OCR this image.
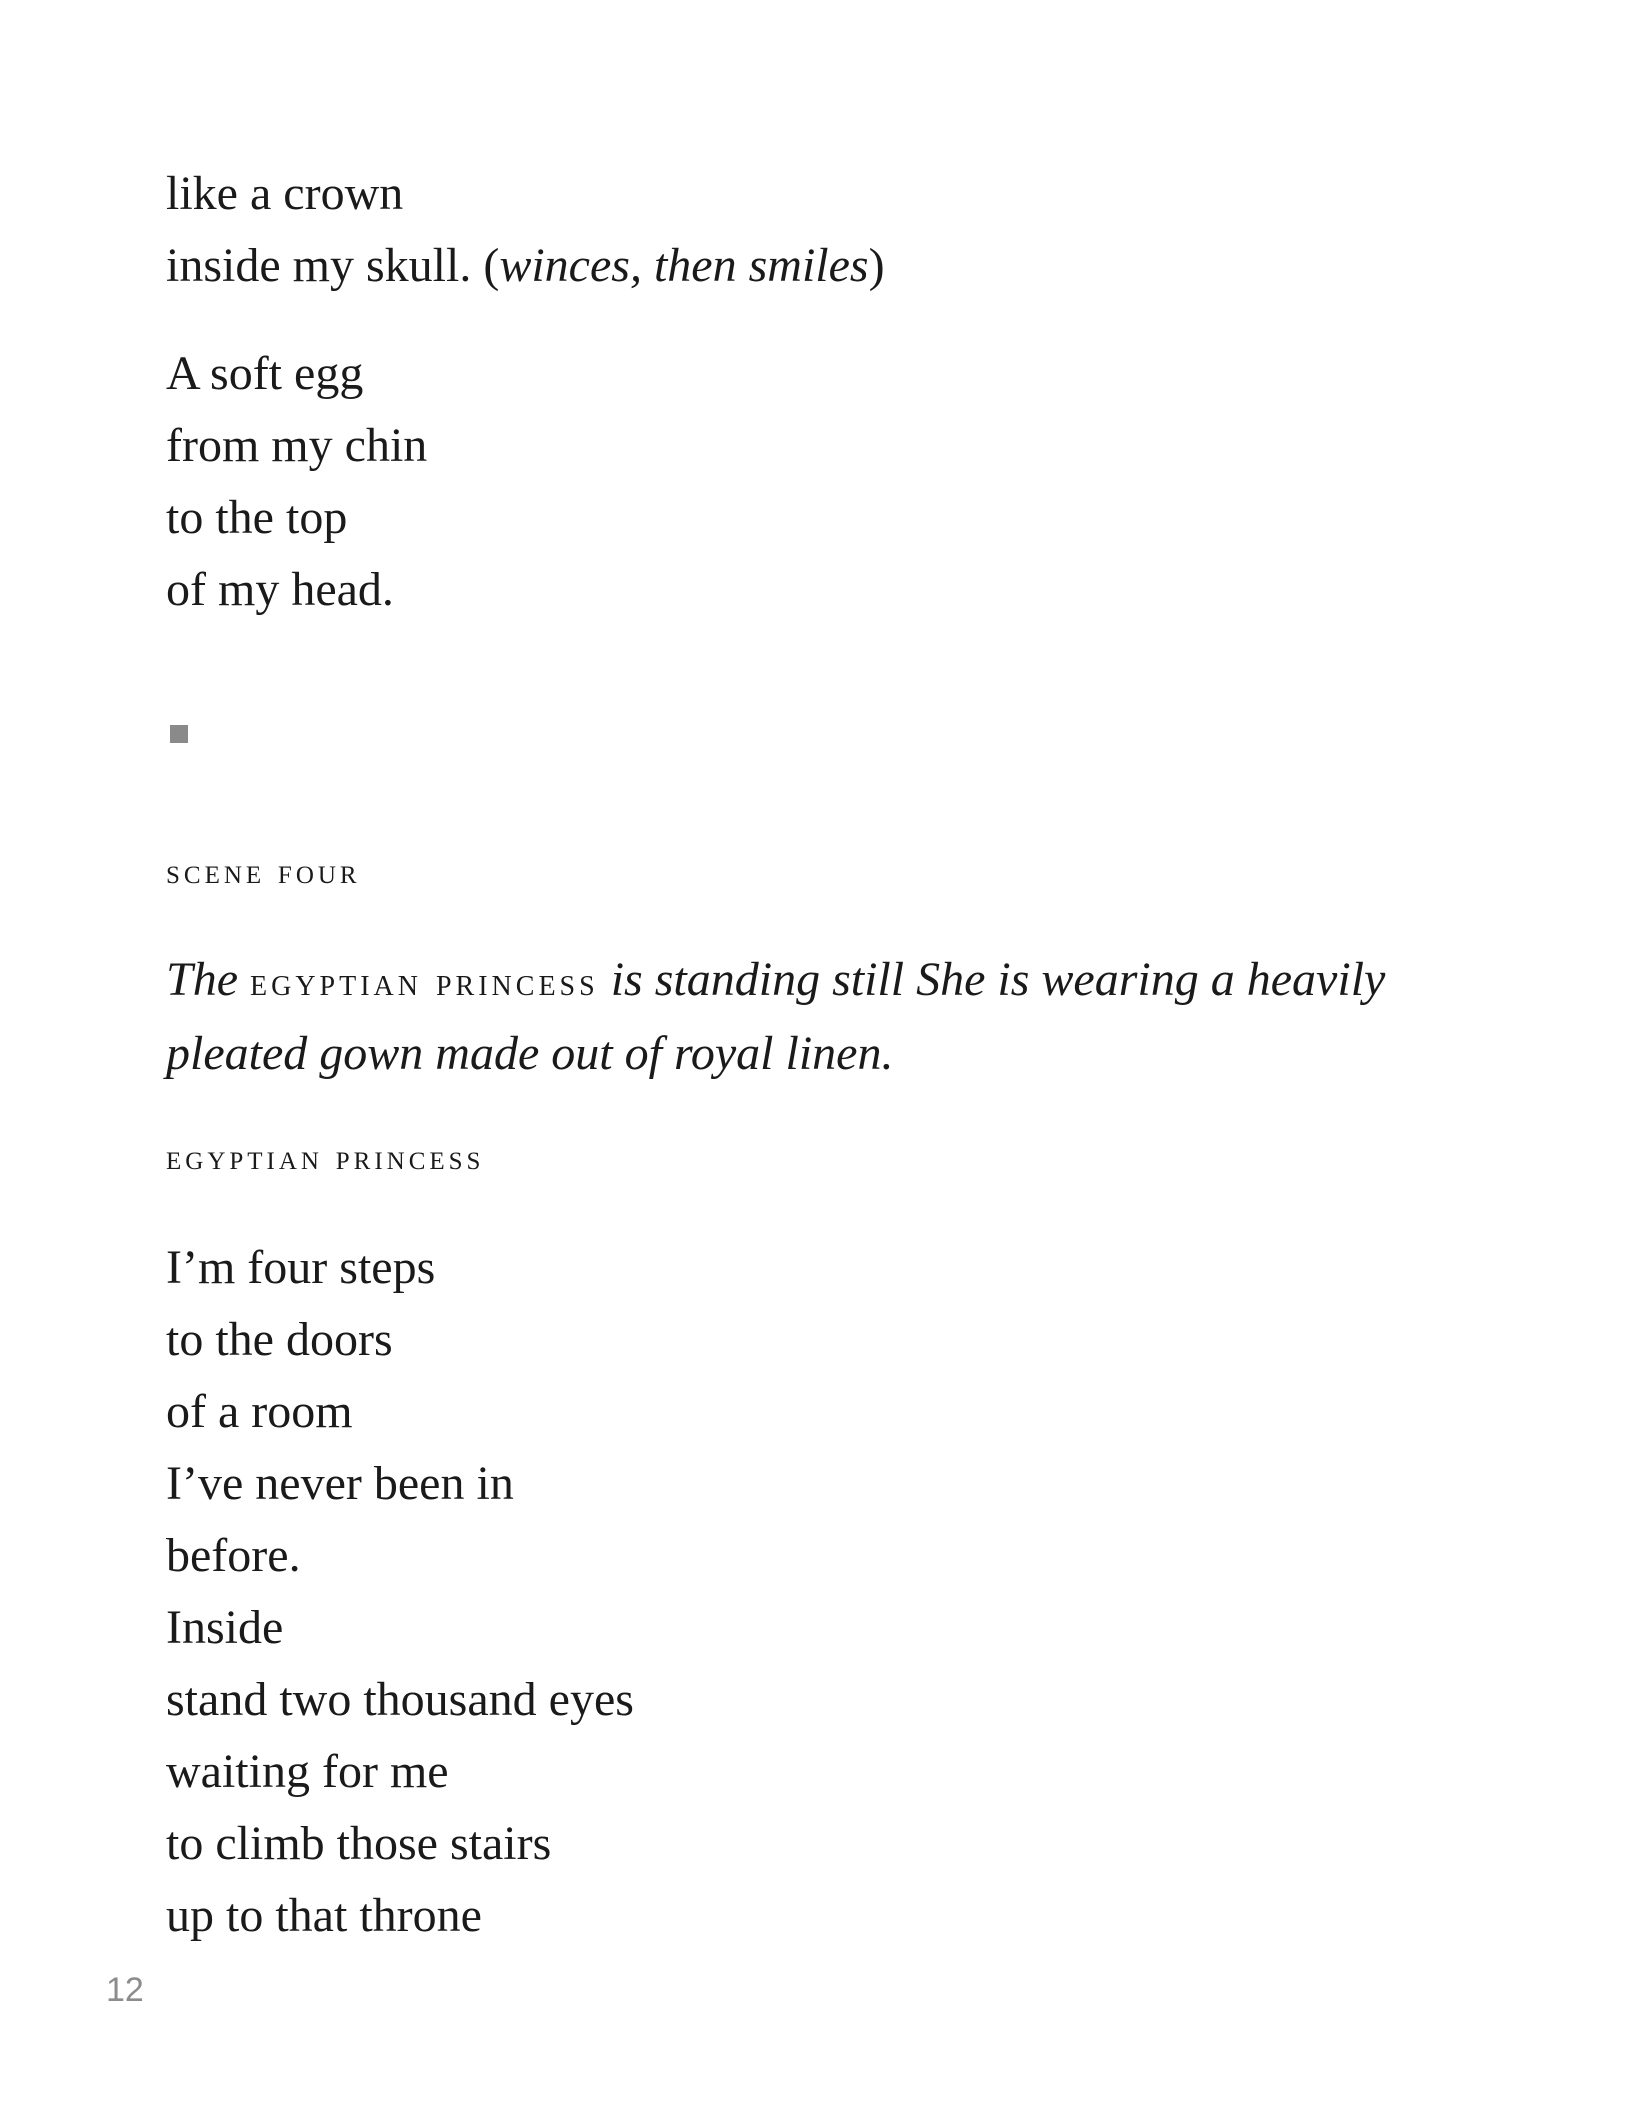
like a crown
inside my skull. (winces, then smiles)
A soft egg
from my chin
to the top
of my head.
scene four
The egyptian princess is standing still She is wearing a heavily pleated gown made out of royal linen.
egyptian princess
I’m four steps
to the doors
of a room
I’ve never been in
before.
Inside
stand two thousand eyes
waiting for me
to climb those stairs
up to that throne
12
